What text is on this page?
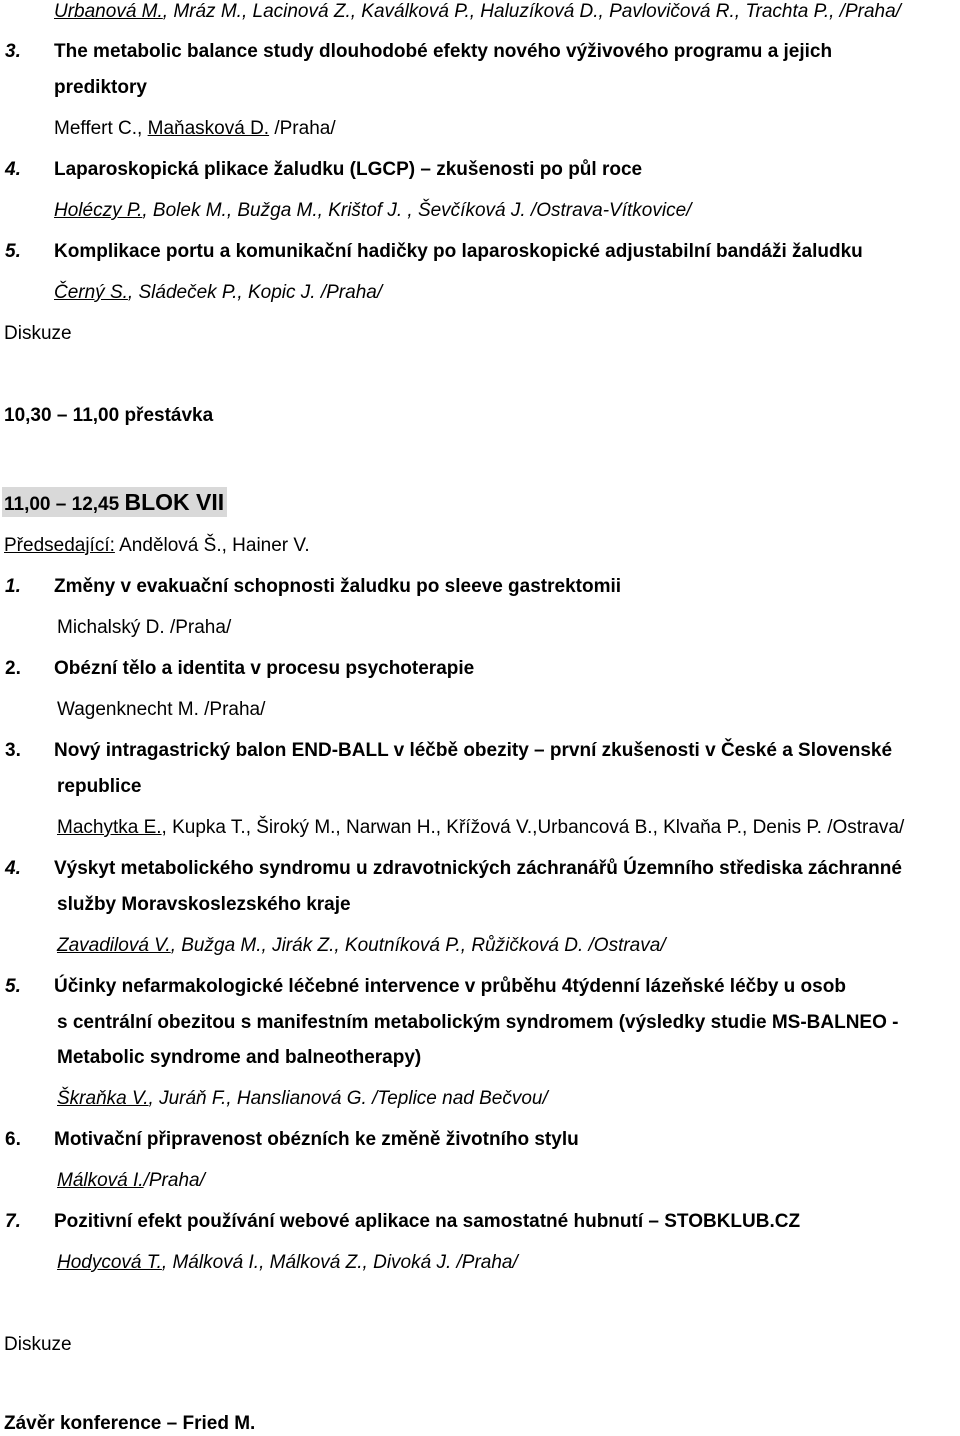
Urbanová M., Mráz M., Lacinová Z., Kaválková P., Haluzíková D., Pavlovičová R., Trachta P., /Praha/
3. The metabolic balance study dlouhodobé efekty nového výživového programu a jejich
prediktory
Meffert C., Maňasková D. /Praha/
4. Laparoskopická plikace žaludku (LGCP) – zkušenosti po půl roce
Holéczy P., Bolek M., Bužga M., Krištof J. , Ševčíková J. /Ostrava-Vítkovice/
5. Komplikace portu a komunikační hadičky po laparoskopické adjustabilní bandáži žaludku
Černý S., Sládeček P., Kopic J. /Praha/
Diskuze
10,30 – 11,00 přestávka
11,00 – 12,45 BLOK VII
Předsedající: Andělová Š., Hainer V.
1. Změny v evakuační schopnosti žaludku po sleeve gastrektomii
Michalský D. /Praha/
2. Obézní tělo a identita v procesu psychoterapie
Wagenknecht M. /Praha/
3. Nový intragastrický balon END-BALL v léčbě obezity – první zkušenosti v České a Slovenské
republice
Machytka E., Kupka T., Široký M., Narwan H., Křížová V.,Urbancová B., Klvaňa P., Denis P. /Ostrava/
4. Výskyt metabolického syndromu u zdravotnických záchranářů Územního střediska záchranné
služby Moravskoslezského kraje
Zavadilová V., Bužga M., Jirák Z., Koutníková P., Růžičková D. /Ostrava/
5. Účinky nefarmakologické léčebné intervence v průběhu 4týdenní lázeňské léčby u osob
s centrální obezitou s manifestním metabolickým syndromem (výsledky studie MS-BALNEO -
Metabolic syndrome and balneotherapy)
Škraňka V., Juráň F., Hanslianová G. /Teplice nad Bečvou/
6. Motivační připravenost obézních ke změně životního stylu
Málková I./Praha/
7. Pozitivní efekt používání webové aplikace na samostatné hubnutí – STOBKLUB.CZ
Hodycová T., Málková I., Málková Z., Divoká J. /Praha/
Diskuze
Závěr konference – Fried M.
